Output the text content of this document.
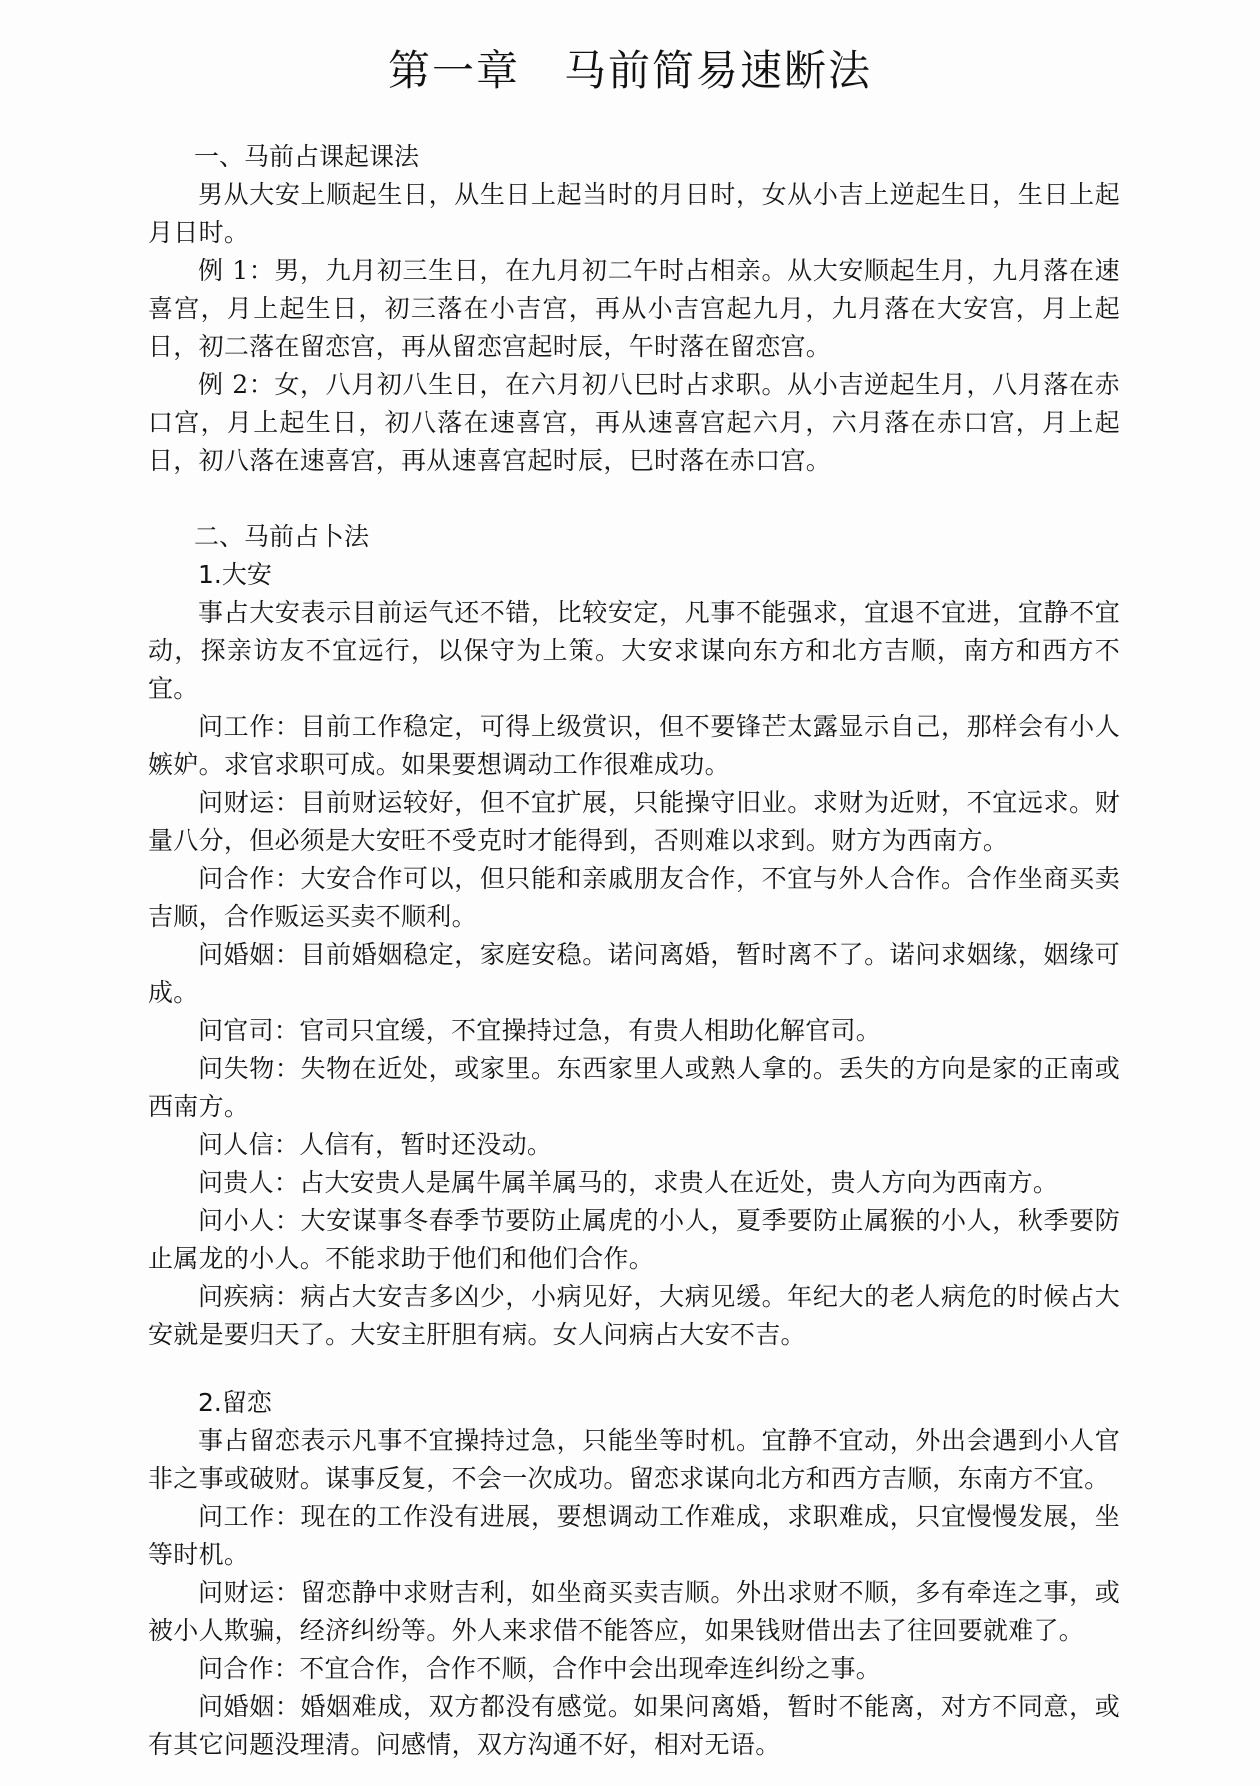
第一章　马前简易速断法

一、马前占课起课法

男从大安上顺起生日，从生日上起当时的月日时，女从小吉上逆起生日，生日上起月日时。

例 1：男，九月初三生日，在九月初二午时占相亲。从大安顺起生月，九月落在速喜宫，月上起生日，初三落在小吉宫，再从小吉宫起九月，九月落在大安宫，月上起日，初二落在留恋宫，再从留恋宫起时辰，午时落在留恋宫。

例 2：女，八月初八生日，在六月初八巳时占求职。从小吉逆起生月，八月落在赤口宫，月上起生日，初八落在速喜宫，再从速喜宫起六月，六月落在赤口宫，月上起日，初八落在速喜宫，再从速喜宫起时辰，巳时落在赤口宫。

二、马前占卜法

1.大安

事占大安表示目前运气还不错，比较安定，凡事不能强求，宜退不宜进，宜静不宜动，探亲访友不宜远行，以保守为上策。大安求谋向东方和北方吉顺，南方和西方不宜。

问工作：目前工作稳定，可得上级赏识，但不要锋芒太露显示自己，那样会有小人嫉妒。求官求职可成。如果要想调动工作很难成功。

问财运：目前财运较好，但不宜扩展，只能操守旧业。求财为近财，不宜远求。财量八分，但必须是大安旺不受克时才能得到，否则难以求到。财方为西南方。

问合作：大安合作可以，但只能和亲戚朋友合作，不宜与外人合作。合作坐商买卖吉顺，合作贩运买卖不顺利。

问婚姻：目前婚姻稳定，家庭安稳。诺问离婚，暂时离不了。诺问求姻缘，姻缘可成。

问官司：官司只宜缓，不宜操持过急，有贵人相助化解官司。

问失物：失物在近处，或家里。东西家里人或熟人拿的。丢失的方向是家的正南或西南方。

问人信：人信有，暂时还没动。

问贵人：占大安贵人是属牛属羊属马的，求贵人在近处，贵人方向为西南方。

问小人：大安谋事冬春季节要防止属虎的小人，夏季要防止属猴的小人，秋季要防止属龙的小人。不能求助于他们和他们合作。

问疾病：病占大安吉多凶少，小病见好，大病见缓。年纪大的老人病危的时候占大安就是要归天了。大安主肝胆有病。女人问病占大安不吉。

2.留恋

事占留恋表示凡事不宜操持过急，只能坐等时机。宜静不宜动，外出会遇到小人官非之事或破财。谋事反复，不会一次成功。留恋求谋向北方和西方吉顺，东南方不宜。

问工作：现在的工作没有进展，要想调动工作难成，求职难成，只宜慢慢发展，坐等时机。

问财运：留恋静中求财吉利，如坐商买卖吉顺。外出求财不顺，多有牵连之事，或被小人欺骗，经济纠纷等。外人来求借不能答应，如果钱财借出去了往回要就难了。

问合作：不宜合作，合作不顺，合作中会出现牵连纠纷之事。

问婚姻：婚姻难成，双方都没有感觉。如果问离婚，暂时不能离，对方不同意，或有其它问题没理清。问感情，双方沟通不好，相对无语。
